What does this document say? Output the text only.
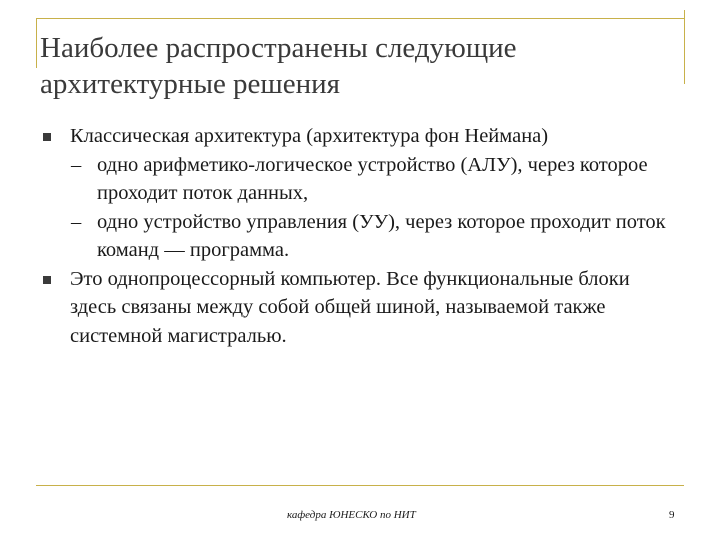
Наиболее распространены следующие
архитектурные решения
Классическая архитектура (архитектура фон Неймана)
– одно арифметико-логическое устройство (АЛУ), через которое проходит поток данных,
– одно устройство управления (УУ), через которое проходит поток команд — программа.
Это однопроцессорный компьютер. Все функциональные блоки здесь связаны между собой общей шиной, называемой также системной магистралью.
кафедра ЮНЕСКО по НИТ	9
